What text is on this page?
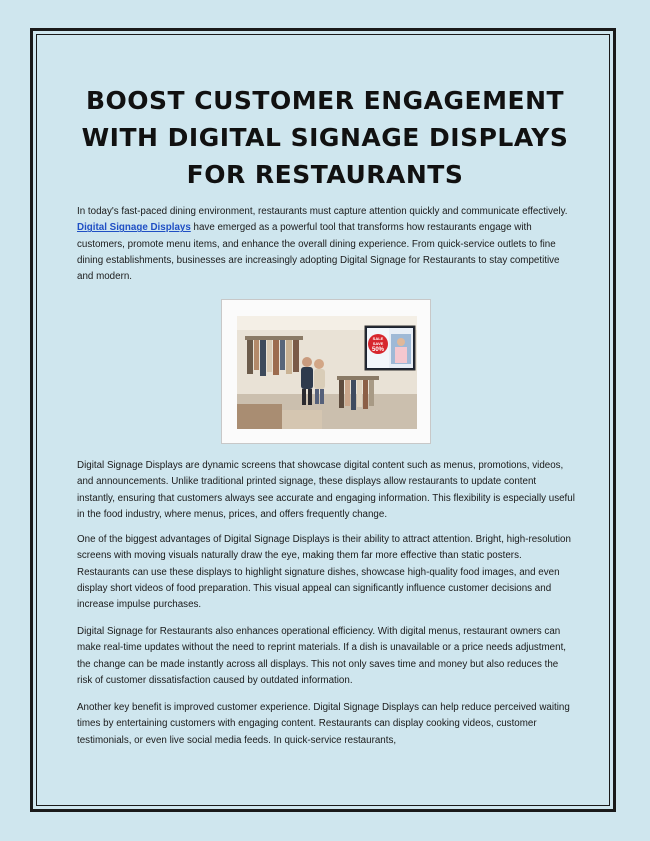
BOOST CUSTOMER ENGAGEMENT WITH DIGITAL SIGNAGE DISPLAYS FOR RESTAURANTS

In today's fast-paced dining environment, restaurants must capture attention quickly and communicate effectively. Digital Signage Displays have emerged as a powerful tool that transforms how restaurants engage with customers, promote menu items, and enhance the overall dining experience. From quick-service outlets to fine dining establishments, businesses are increasingly adopting Digital Signage for Restaurants to stay competitive and modern.

SALE
SAVE
50%

Digital Signage Displays are dynamic screens that showcase digital content such as menus, promotions, videos, and announcements. Unlike traditional printed signage, these displays allow restaurants to update content instantly, ensuring that customers always see accurate and engaging information. This flexibility is especially useful in the food industry, where menus, prices, and offers frequently change.

One of the biggest advantages of Digital Signage Displays is their ability to attract attention. Bright, high-resolution screens with moving visuals naturally draw the eye, making them far more effective than static posters. Restaurants can use these displays to highlight signature dishes, showcase high-quality food images, and even display short videos of food preparation. This visual appeal can significantly influence customer decisions and increase impulse purchases.

Digital Signage for Restaurants also enhances operational efficiency. With digital menus, restaurant owners can make real-time updates without the need to reprint materials. If a dish is unavailable or a price needs adjustment, the change can be made instantly across all displays. This not only saves time and money but also reduces the risk of customer dissatisfaction caused by outdated information.

Another key benefit is improved customer experience. Digital Signage Displays can help reduce perceived waiting times by entertaining customers with engaging content. Restaurants can display cooking videos, customer testimonials, or even live social media feeds. In quick-service restaurants,
